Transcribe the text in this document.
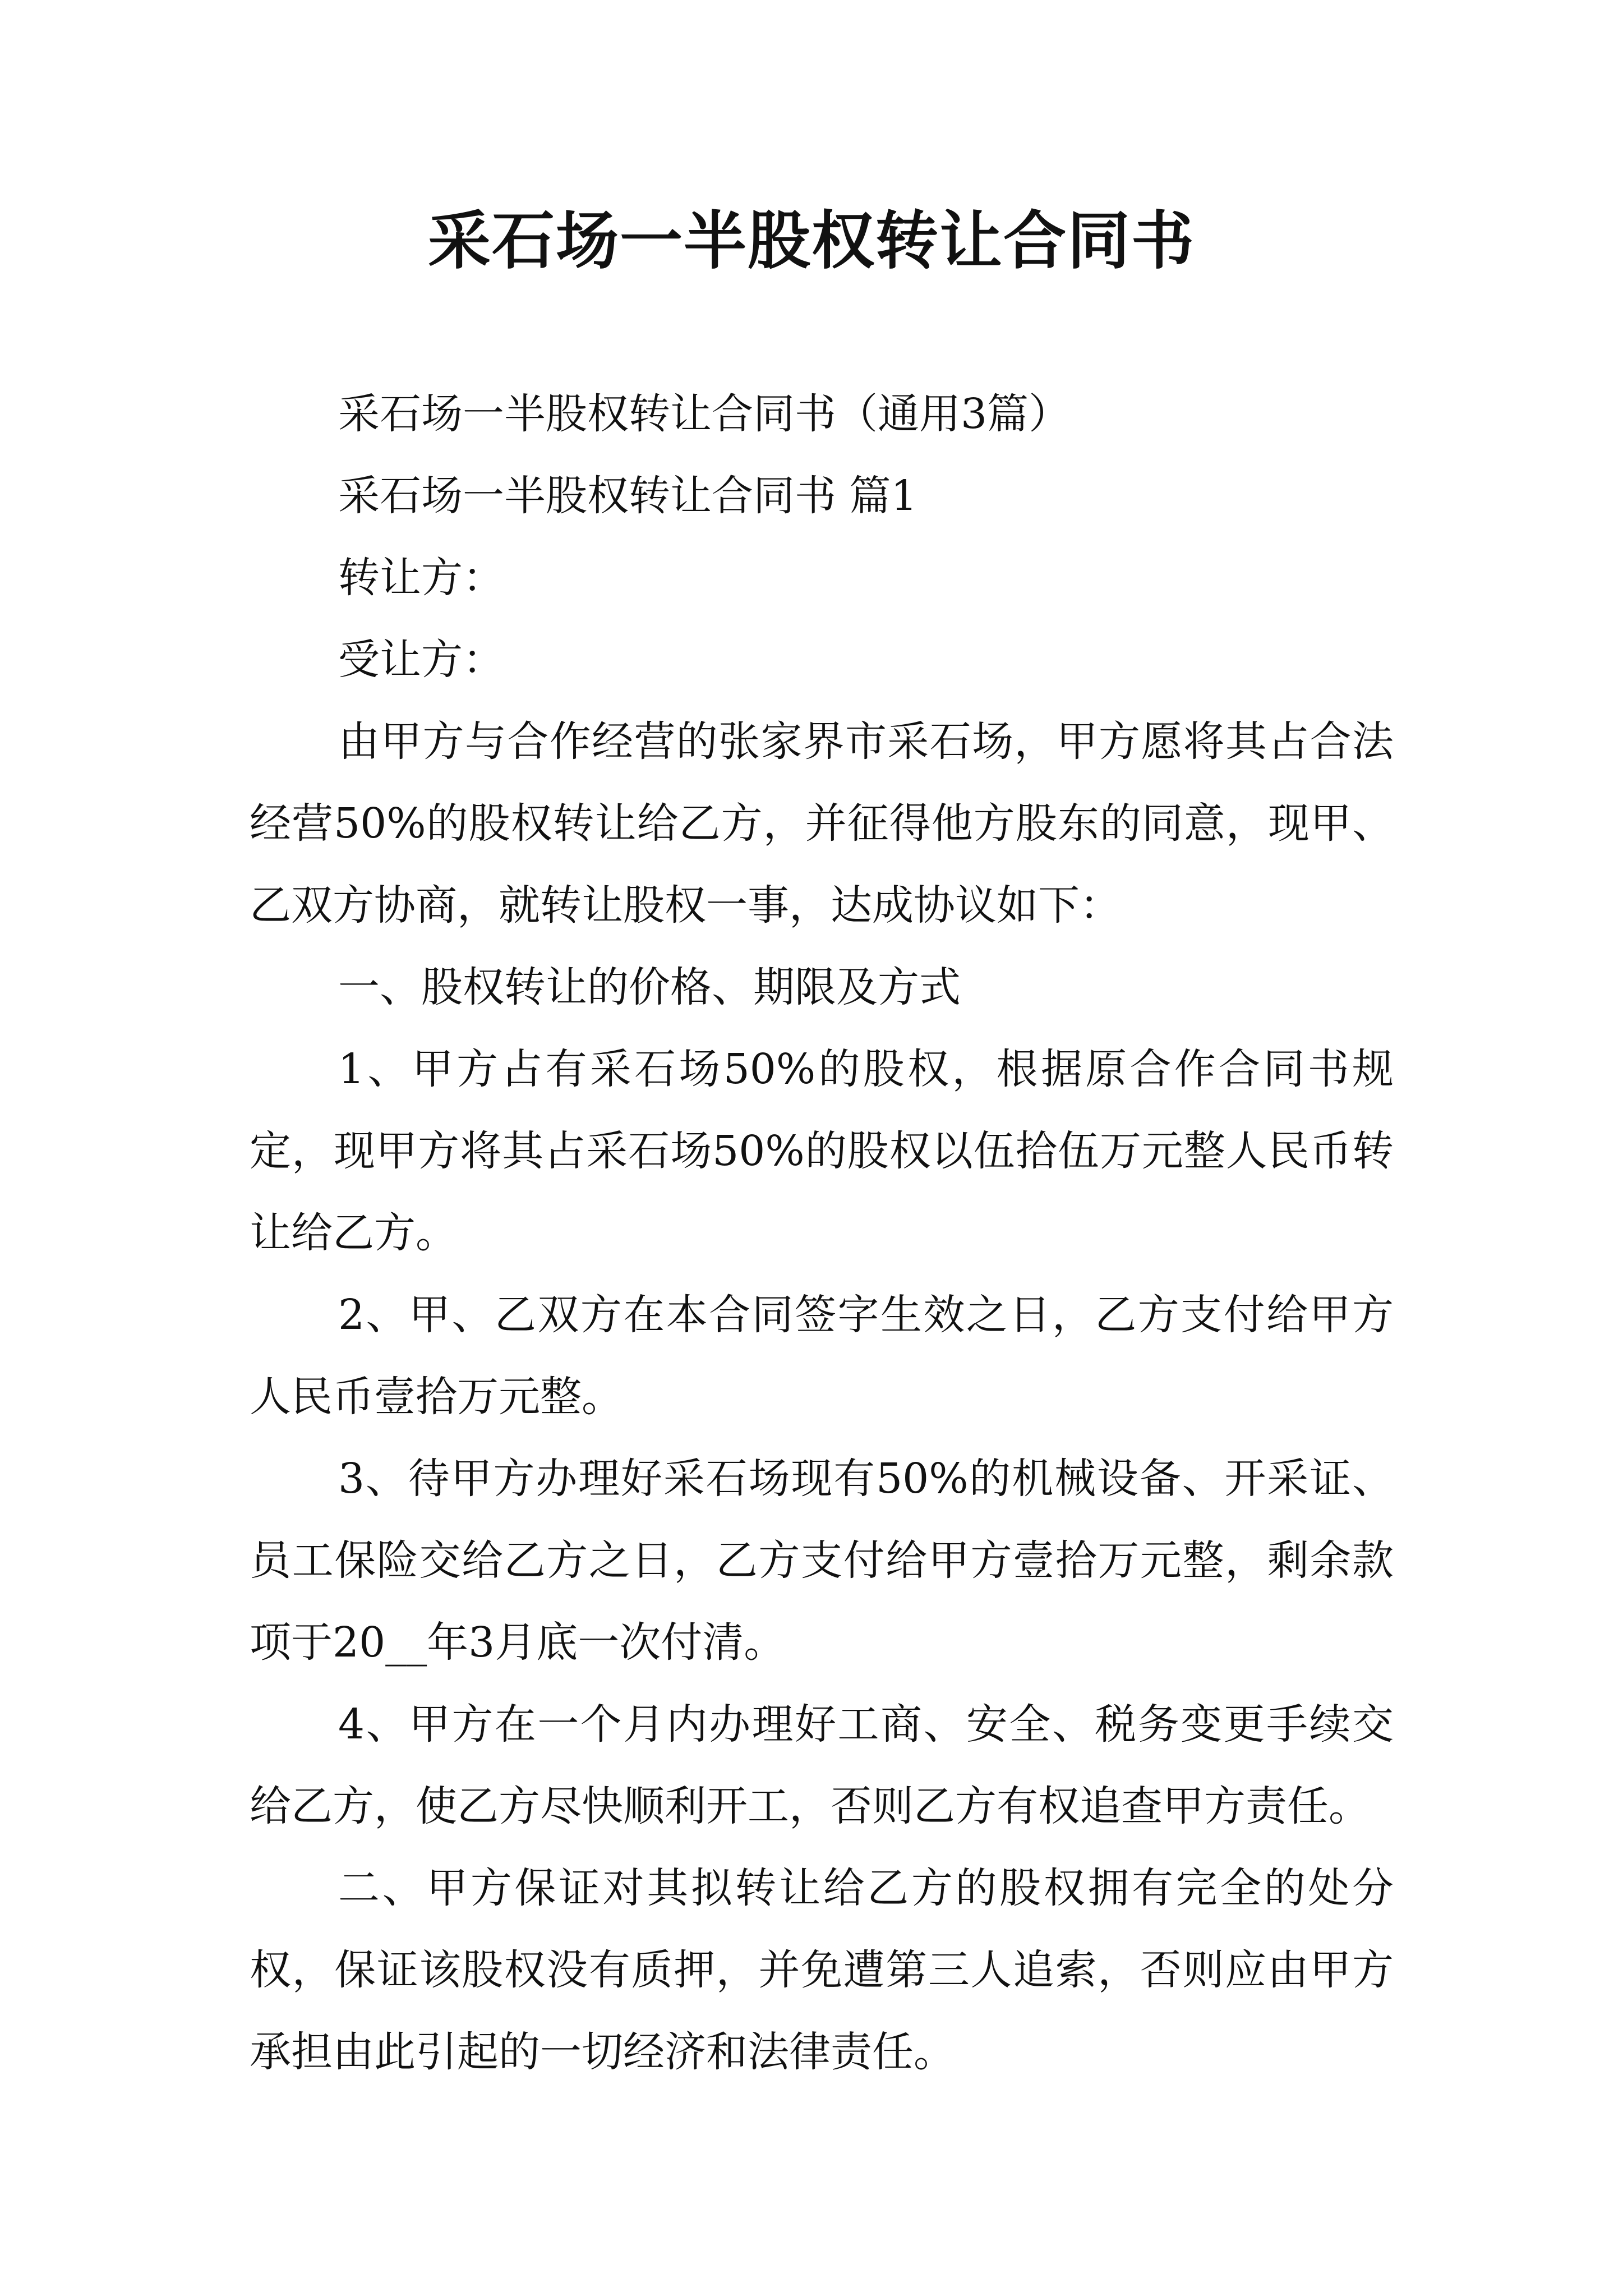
采石场一半股权转让合同书

采石场一半股权转让合同书（通用3篇）

采石场一半股权转让合同书 篇1

转让方：

受让方：

由甲方与合作经营的张家界市采石场，甲方愿将其占合法经营50%的股权转让给乙方，并征得他方股东的同意，现甲、乙双方协商，就转让股权一事，达成协议如下：

一、股权转让的价格、期限及方式

1、甲方占有采石场50%的股权，根据原合作合同书规定，现甲方将其占采石场50%的股权以伍拾伍万元整人民币转让给乙方。

2、甲、乙双方在本合同签字生效之日，乙方支付给甲方人民币壹拾万元整。

3、待甲方办理好采石场现有50%的机械设备、开采证、员工保险交给乙方之日，乙方支付给甲方壹拾万元整，剩余款项于20__年3月底一次付清。

4、甲方在一个月内办理好工商、安全、税务变更手续交给乙方，使乙方尽快顺利开工，否则乙方有权追查甲方责任。

二、甲方保证对其拟转让给乙方的股权拥有完全的处分权，保证该股权没有质押，并免遭第三人追索，否则应由甲方承担由此引起的一切经济和法律责任。
